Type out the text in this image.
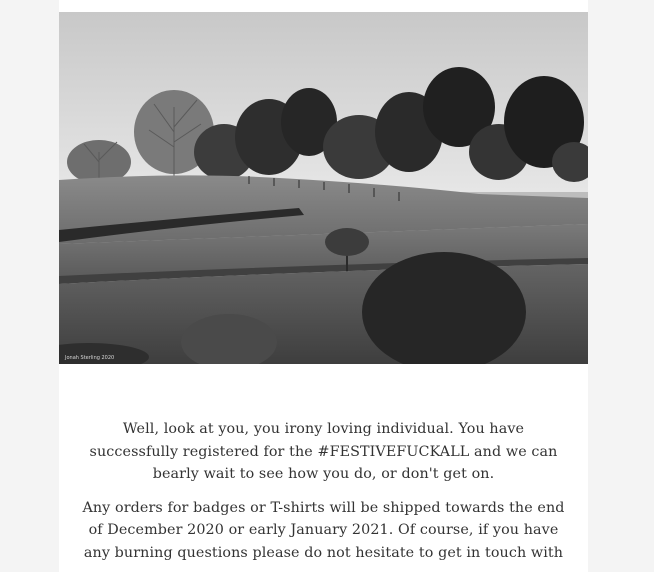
Jonah Sterling 2020

Well, look at you, you irony loving individual. You have successfully registered for the #FESTIVEFUCKALL and we can bearly wait to see how you do, or don't get on.

Any orders for badges or T-shirts will be shipped towards the end of December 2020 or early January 2021. Of course, if you have any burning questions please do not hesitate to get in touch with
